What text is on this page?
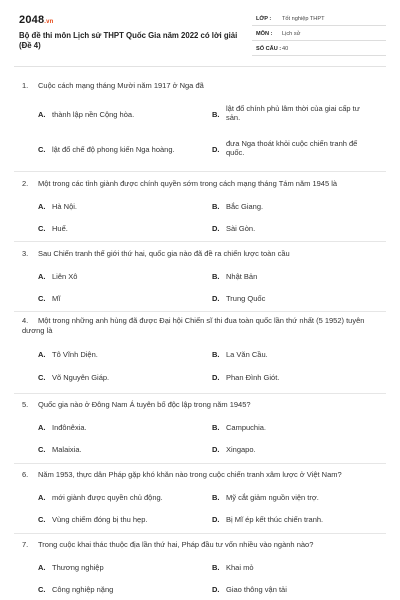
2048.vn
Bộ đề thi môn Lịch sử THPT Quốc Gia năm 2022 có lời giải (Đề 4)
LỚP : Tốt nghiệp THPT
MÔN : Lịch sử
SỐ CÂU : 40
1. Cuộc cách mạng tháng Mười năm 1917 ở Nga đã
A. thành lập nền Cộng hòa.	B.
lật đổ chính phủ lâm thời của giai cấp tư sản.
C. lật đổ chế độ phong kiến Nga hoàng.	D.
đưa Nga thoát khỏi cuộc chiến tranh đế quốc.
2. Một trong các tỉnh giành được chính quyền sớm trong cách mạng tháng Tám năm 1945 là
A. Hà Nội.	B. Bắc Giang.
C. Huế.	D. Sài Gòn.
3. Sau Chiến tranh thế giới thứ hai, quốc gia nào đã đề ra chiến lược toàn cầu
A. Liên Xô	B. Nhật Bản
C. Mĩ	D. Trung Quốc
4. Một trong những anh hùng đã được Đại hội Chiến sĩ thi đua toàn quốc lần thứ nhất (5 1952) tuyên dương là
A. Tô Vĩnh Diện.	B. La Văn Cầu.
C. Võ Nguyên Giáp.	D. Phan Đình Giót.
5. Quốc gia nào ở Đông Nam Á tuyên bố độc lập trong năm 1945?
A. Inđônêxia.	B. Campuchia.
C. Malaixia.	D. Xingapo.
6. Năm 1953, thực dân Pháp gặp khó khăn nào trong cuộc chiến tranh xâm lược ở Việt Nam?
A. mới giành được quyền chủ động.	B. Mỹ cắt giảm nguồn viện trợ.
C. Vùng chiếm đóng bị thu hẹp.	D. Bị Mĩ ép kết thúc chiến tranh.
7. Trong cuộc khai thác thuộc địa lần thứ hai, Pháp đầu tư vốn nhiều vào ngành nào?
A. Thương nghiệp	B. Khai mỏ
C. Công nghiệp nặng	D. Giao thông vận tải
